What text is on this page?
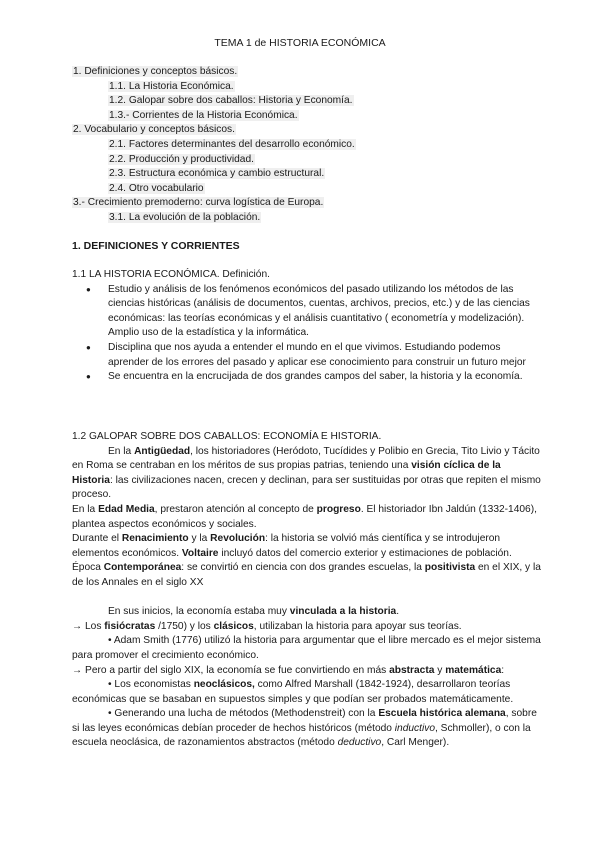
TEMA 1 de HISTORIA ECONÓMICA
1. Definiciones y conceptos básicos.
1.1. La Historia Económica.
1.2. Galopar sobre dos caballos: Historia y Economía.
1.3.- Corrientes de la Historia Económica.
2. Vocabulario y conceptos básicos.
2.1. Factores determinantes del desarrollo económico.
2.2. Producción y productividad.
2.3. Estructura económica y cambio estructural.
2.4. Otro vocabulario
3.- Crecimiento premoderno: curva logística de Europa.
3.1. La evolución de la población.
1. DEFINICIONES Y CORRIENTES
1.1 LA HISTORIA ECONÓMICA. Definición.
● Estudio y análisis de los fenómenos económicos del pasado utilizando los métodos de las ciencias históricas (análisis de documentos, cuentas, archivos, precios, etc.) y de las ciencias económicas: las teorías económicas y el análisis cuantitativo ( econometría y modelización). Amplio uso de la estadística y la informática.
● Disciplina que nos ayuda a entender el mundo en el que vivimos. Estudiando podemos aprender de los errores del pasado y aplicar ese conocimiento para construir un futuro mejor
● Se encuentra en la encrucijada de dos grandes campos del saber, la historia y la economía.
1.2 GALOPAR SOBRE DOS CABALLOS: ECONOMÍA E HISTORIA.
En la Antigüedad, los historiadores (Heródoto, Tucídides y Polibio en Grecia, Tito Livio y Tácito en Roma se centraban en los méritos de sus propias patrias, teniendo una visión cíclica de la Historia: las civilizaciones nacen, crecen y declinan, para ser sustituidas por otras que repiten el mismo proceso.
En la Edad Media, prestaron atención al concepto de progreso. El historiador Ibn Jaldún (1332-1406), plantea aspectos económicos y sociales.
Durante el Renacimiento y la Revolución: la historia se volvió más científica y se introdujeron elementos económicos. Voltaire incluyó datos del comercio exterior y estimaciones de población.
Época Contemporánea: se convirtió en ciencia con dos grandes escuelas, la positivista en el XIX, y la de los Annales en el siglo XX
En sus inicios, la economía estaba muy vinculada a la historia.
→ Los fisiócratas /1750) y los clásicos, utilizaban la historia para apoyar sus teorías.
• Adam Smith (1776) utilizó la historia para argumentar que el libre mercado es el mejor sistema para promover el crecimiento económico.
→ Pero a partir del siglo XIX, la economía se fue convirtiendo en más abstracta y matemática:
• Los economistas neoclásicos, como Alfred Marshall (1842-1924), desarrollaron teorías económicas que se basaban en supuestos simples y que podían ser probados matemáticamente.
• Generando una lucha de métodos (Methodenstreit) con la Escuela histórica alemana, sobre si las leyes económicas debían proceder de hechos históricos (método inductivo, Schmoller), o con la escuela neoclásica, de razonamientos abstractos (método deductivo, Carl Menger).
